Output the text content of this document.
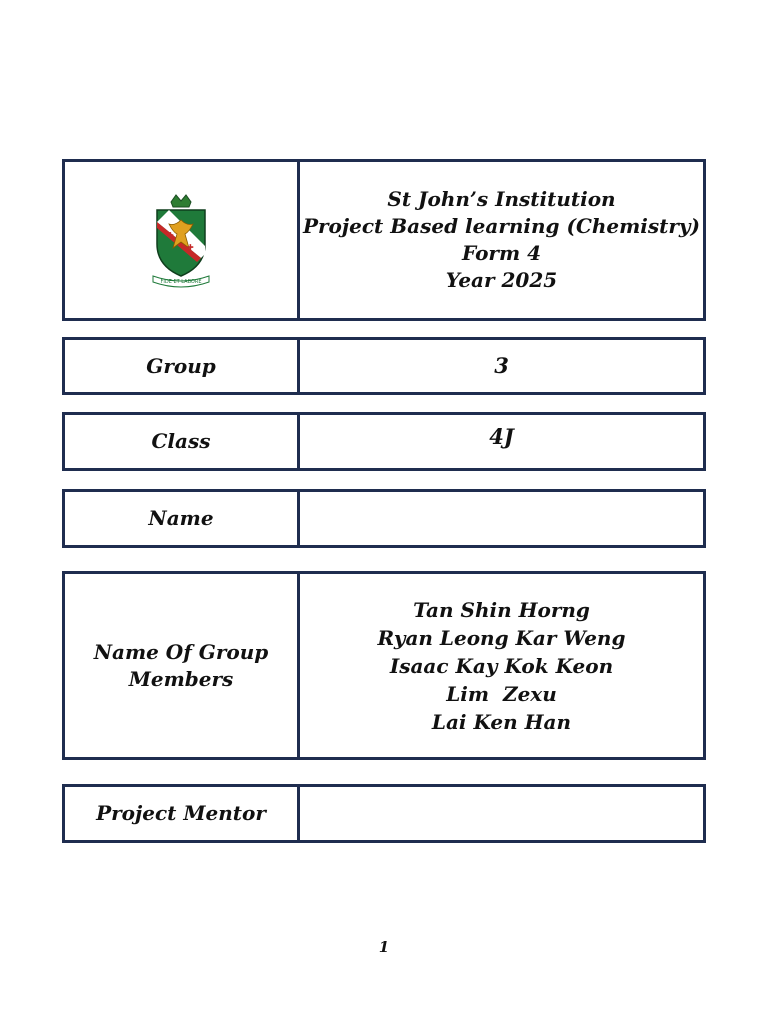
✚
✚
FIDE ET LABORE
St John’s Institution
Project Based learning (Chemistry)
Form 4
Year 2025
Group	3
Class	4J
Name
Name Of Group
Members
Tan Shin Horng
Ryan Leong Kar Weng
Isaac Kay Kok Keon
Lim  Zexu
Lai Ken Han
Project Mentor
1
